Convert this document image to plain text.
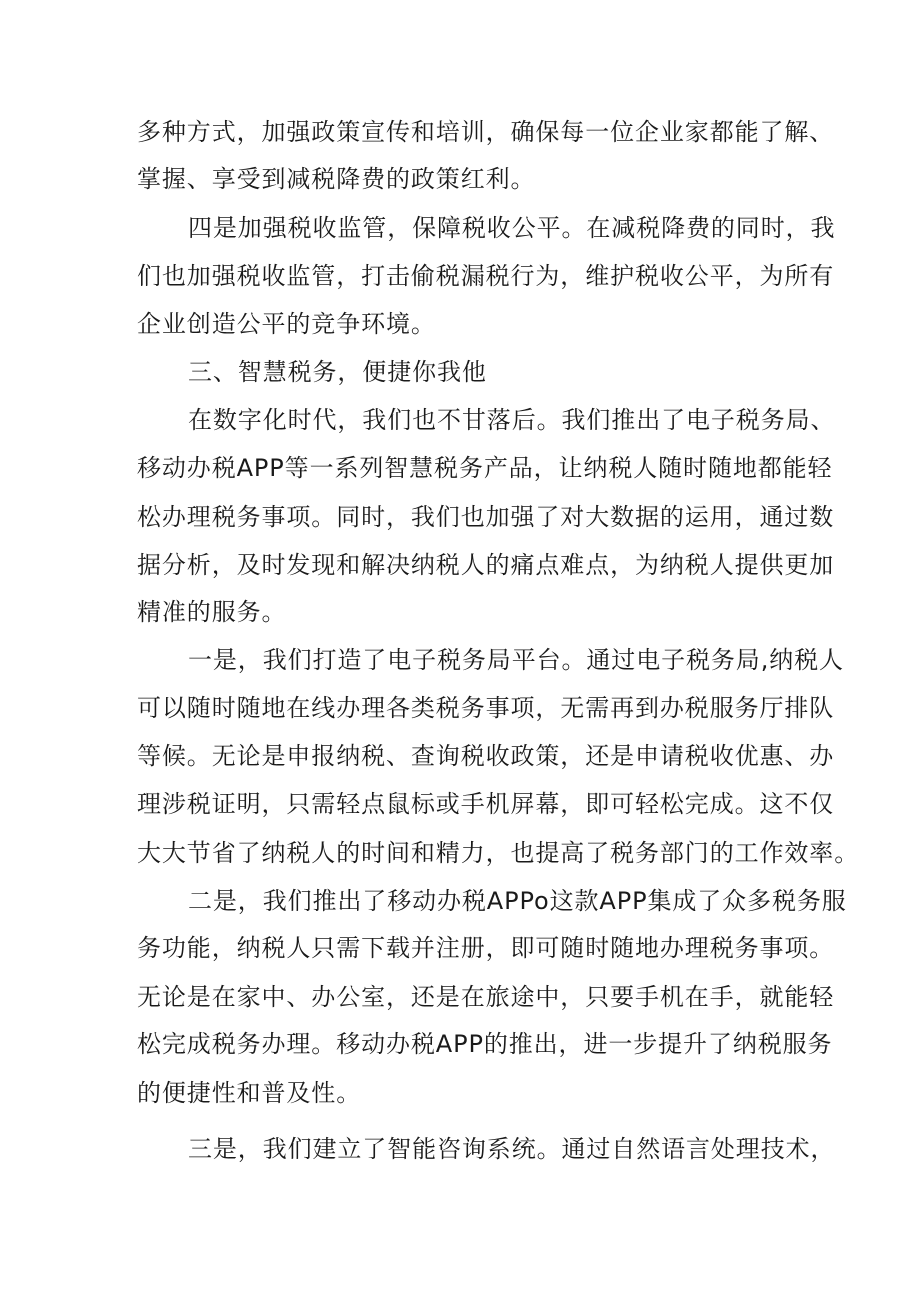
多种方式，加强政策宣传和培训，确保每一位企业家都能了解、
掌握、享受到减税降费的政策红利。
四是加强税收监管，保障税收公平。在减税降费的同时，我
们也加强税收监管，打击偷税漏税行为，维护税收公平，为所有
企业创造公平的竞争环境。
三、智慧税务，便捷你我他
在数字化时代，我们也不甘落后。我们推出了电子税务局、
移动办税APP等一系列智慧税务产品，让纳税人随时随地都能轻
松办理税务事项。同时，我们也加强了对大数据的运用，通过数
据分析，及时发现和解决纳税人的痛点难点，为纳税人提供更加
精准的服务。
一是，我们打造了电子税务局平台。通过电子税务局,纳税人
可以随时随地在线办理各类税务事项，无需再到办税服务厅排队
等候。无论是申报纳税、查询税收政策，还是申请税收优惠、办
理涉税证明，只需轻点鼠标或手机屏幕，即可轻松完成。这不仅
大大节省了纳税人的时间和精力，也提高了税务部门的工作效率。
二是，我们推出了移动办税APPo这款APP集成了众多税务服
务功能，纳税人只需下载并注册，即可随时随地办理税务事项。
无论是在家中、办公室，还是在旅途中，只要手机在手，就能轻
松完成税务办理。移动办税APP的推出，进一步提升了纳税服务
的便捷性和普及性。
三是，我们建立了智能咨询系统。通过自然语言处理技术，
